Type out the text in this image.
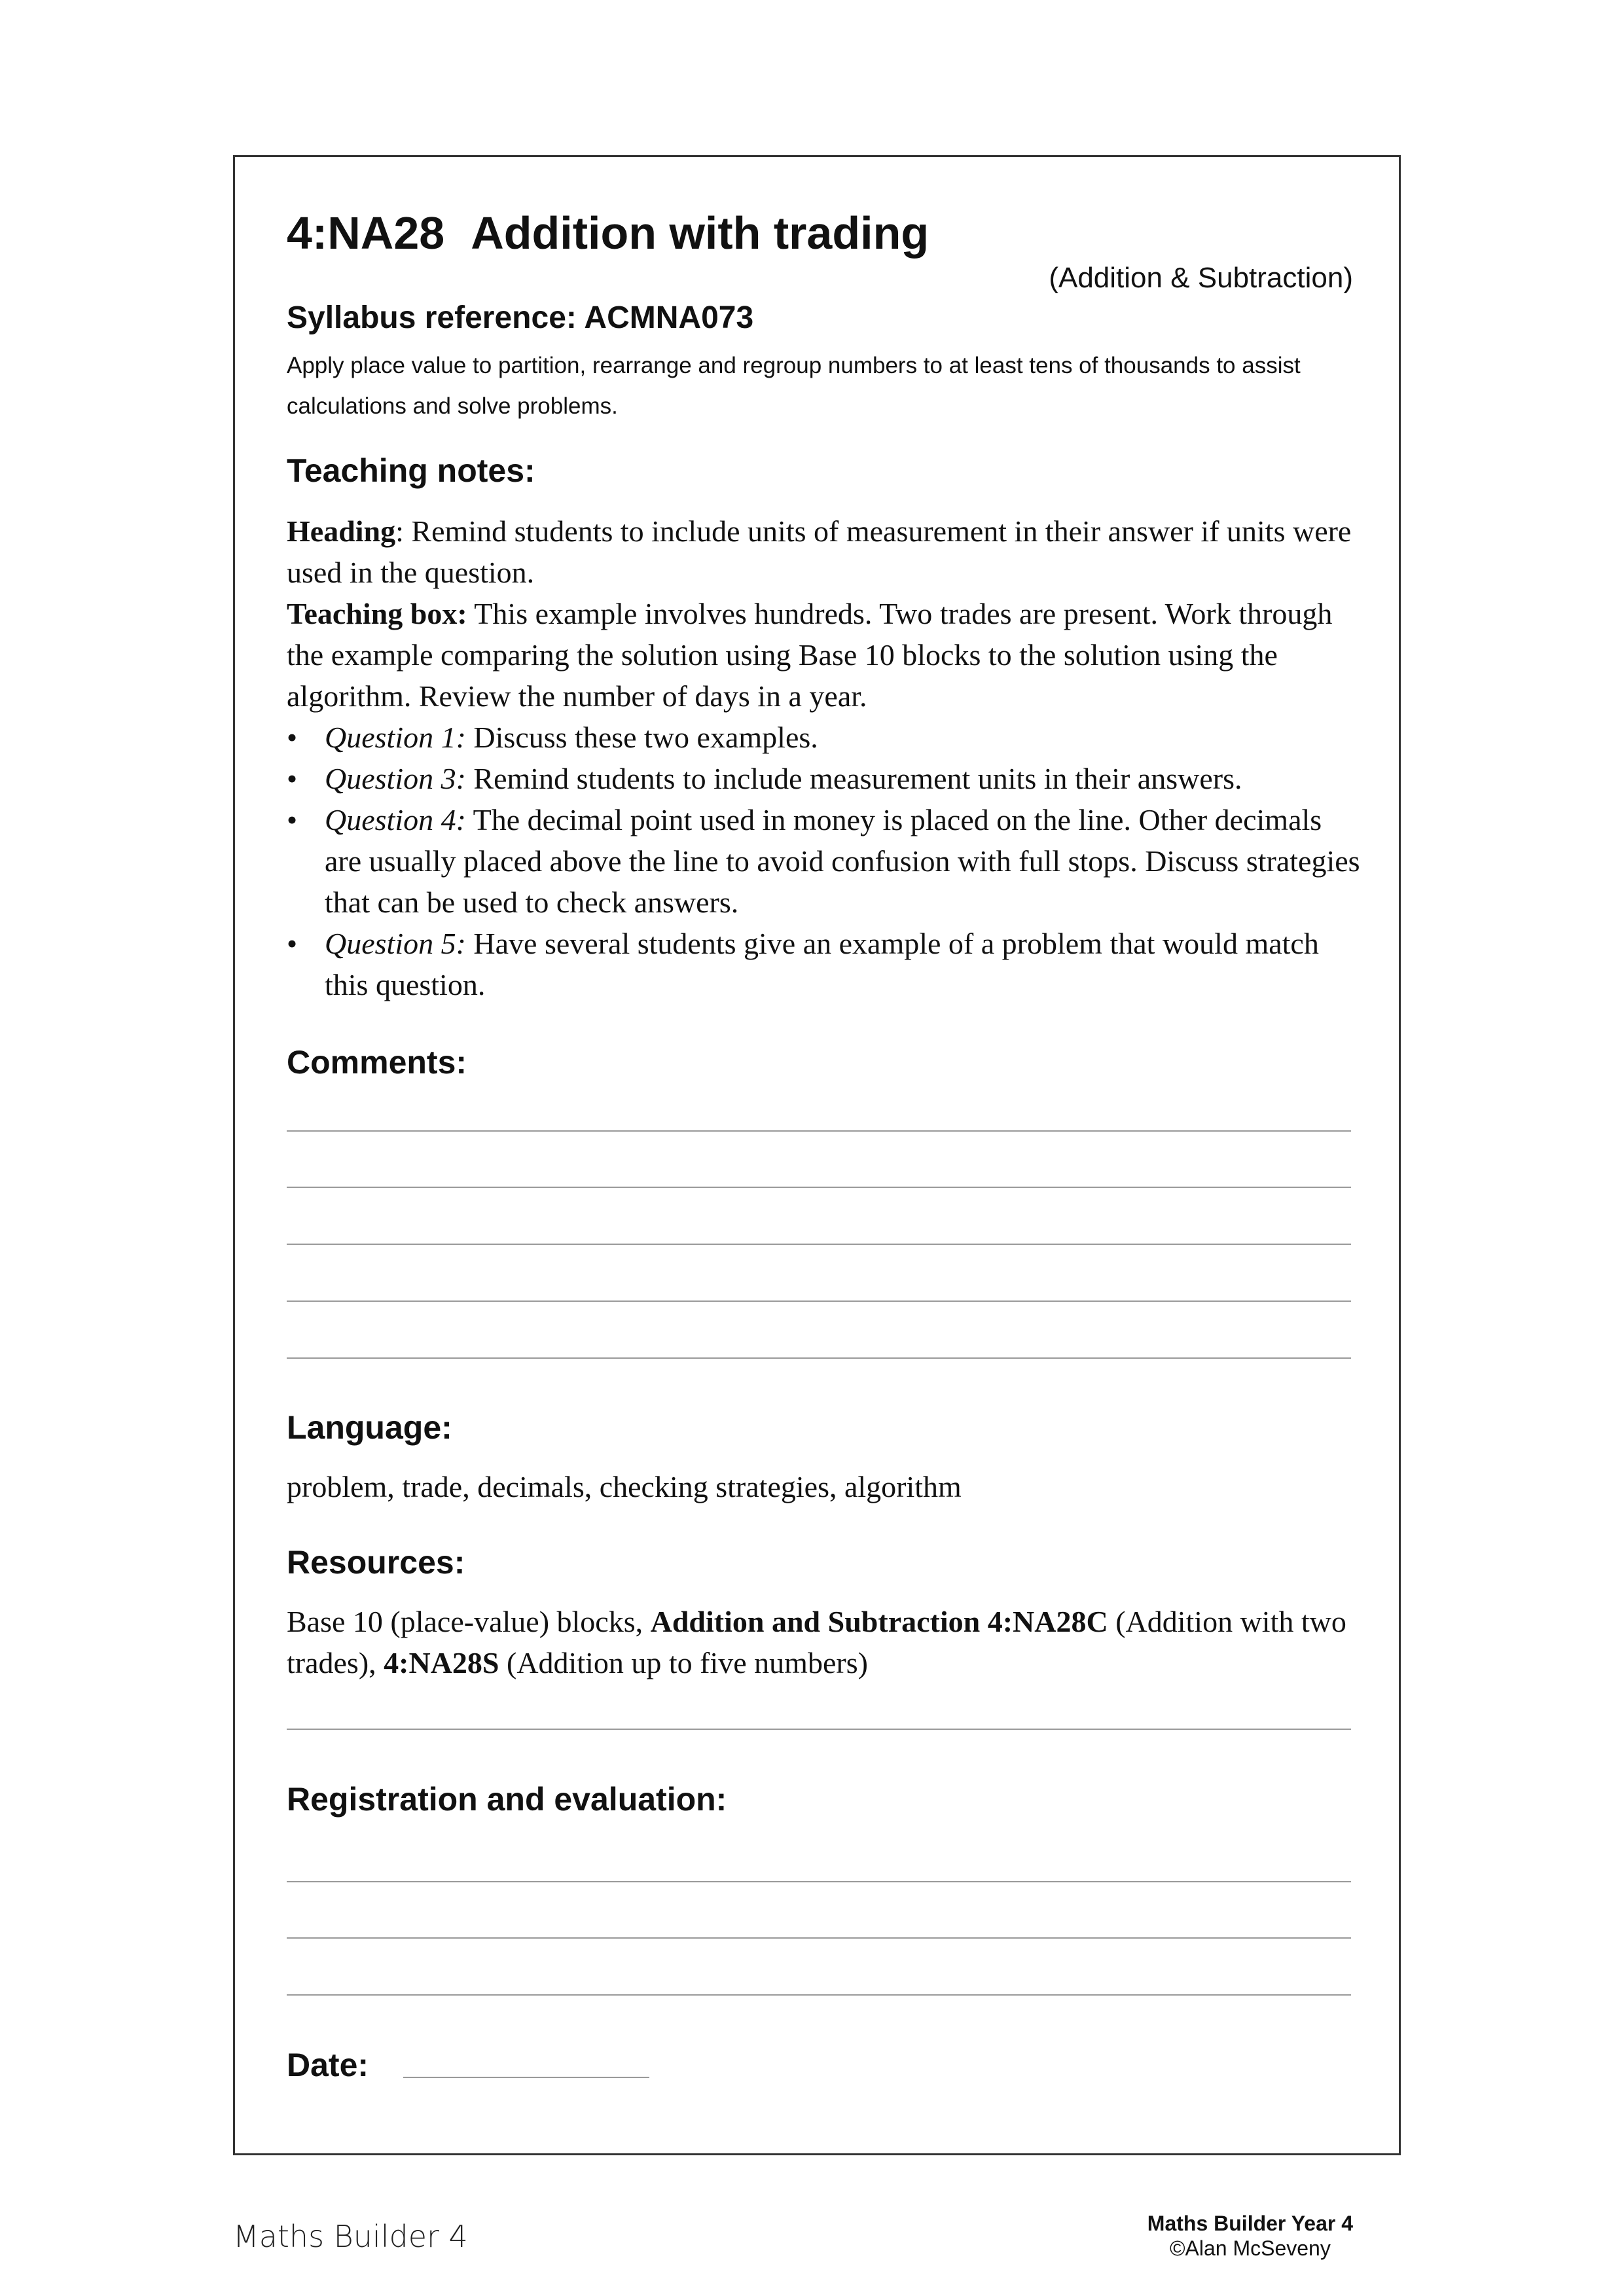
4:NA28 Addition with trading
(Addition & Subtraction)
Syllabus reference: ACMNA073
Apply place value to partition, rearrange and regroup numbers to at least tens of thousands to assist calculations and solve problems.
Teaching notes:

Heading: Remind students to include units of measurement in their answer if units were used in the question.

Teaching box: This example involves hundreds. Two trades are present. Work through the example comparing the solution using Base 10 blocks to the solution using the algorithm. Review the number of days in a year.

• Question 1: Discuss these two examples.
• Question 3: Remind students to include measurement units in their answers.
• Question 4: The decimal point used in money is placed on the line. Other decimals are usually placed above the line to avoid confusion with full stops. Discuss strategies that can be used to check answers.
• Question 5: Have several students give an example of a problem that would match this question.
Comments:
Language:
problem, trade, decimals, checking strategies, algorithm
Resources:
Base 10 (place-value) blocks, Addition and Subtraction 4:NA28C (Addition with two trades), 4:NA28S (Addition up to five numbers)
Registration and evaluation:
Date:
Maths Builder 4	Maths Builder Year 4
©Alan McSeveny
